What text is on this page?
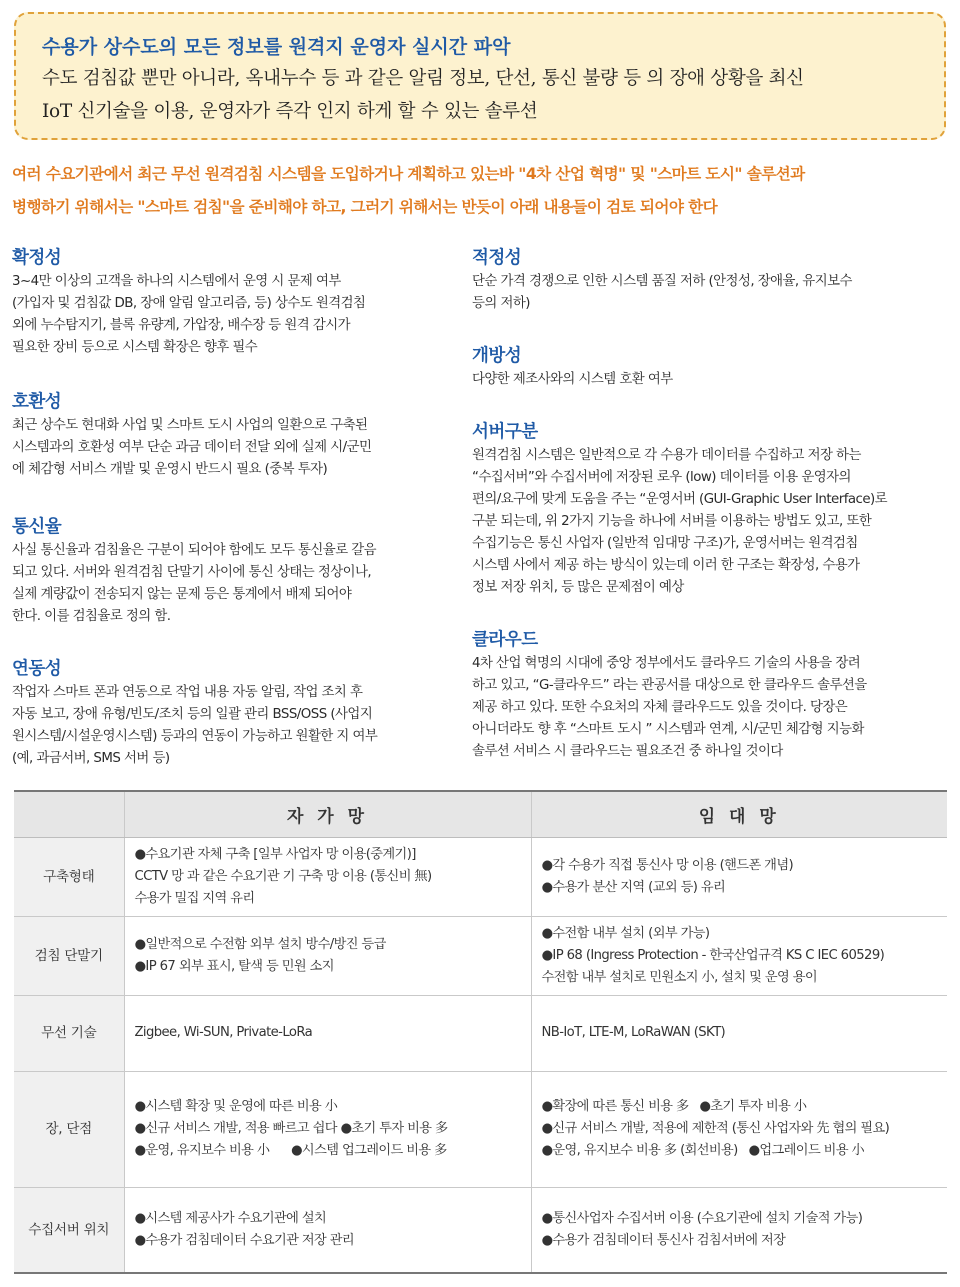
수용가 상수도의 모든 정보를 원격지 운영자 실시간 파악
수도 검침값 뿐만 아니라, 옥내누수 등 과 같은 알림 정보, 단선, 통신 불량 등 의 장애 상황을 최신
IoT 신기술을 이용, 운영자가 즉각 인지 하게 할 수 있는 솔루션
여러 수요기관에서 최근 무선 원격검침 시스템을 도입하거나 계획하고 있는바 "4차 산업 혁명" 및 "스마트 도시" 솔루션과
병행하기 위해서는 "스마트 검침"을 준비해야 하고, 그러기 위해서는 반듯이 아래 내용들이 검토 되어야 한다
확정성

3~4만 이상의 고객을 하나의 시스템에서 운영 시 문제 여부
(가입자 및 검침값 DB, 장애 알림 알고리즘, 등) 상수도 원격검침
외에 누수탐지기, 블록 유량계, 가압장, 배수장 등 원격 감시가
필요한 장비 등으로 시스템 확장은 향후 필수

호환성

최근 상수도 현대화 사업 및 스마트 도시 사업의 일환으로 구축된
시스템과의 호환성 여부 단순 과금 데이터 전달 외에 실제 시/군민
에 체감형 서비스 개발 및 운영시 반드시 필요 (중복 투자)

통신율

사실 통신율과 검침율은 구분이 되어야 함에도 모두 통신율로 갈음
되고 있다. 서버와 원격검침 단말기 사이에 통신 상태는 정상이나,
실제 계량값이 전송되지 않는 문제 등은 통계에서 배제 되어야
한다. 이를 검침율로 정의 함.

연동성

작업자 스마트 폰과 연동으로 작업 내용 자동 알림, 작업 조치 후
자동 보고, 장애 유형/빈도/조치 등의 일괄 관리 BSS/OSS (사업지
원시스템/시설운영시스템) 등과의 연동이 가능하고 원활한 지 여부
(예, 과금서버, SMS 서버 등)

적정성

단순 가격 경쟁으로 인한 시스템 품질 저하 (안정성, 장애율, 유지보수
등의 저하)

개방성

다양한 제조사와의 시스템 호환 여부

서버구분

원격검침 시스템은 일반적으로 각 수용가 데이터를 수집하고 저장 하는
“수집서버”와 수집서버에 저장된 로우 (low) 데이터를 이용 운영자의
편의/요구에 맞게 도움을 주는 “운영서버 (GUI-Graphic User Interface)로
구분 되는데, 위 2가지 기능을 하나에 서버를 이용하는 방법도 있고, 또한
수집기능은 통신 사업자 (일반적 임대망 구조)가, 운영서버는 원격검침
시스템 사에서 제공 하는 방식이 있는데 이러 한 구조는 확장성, 수용가
정보 저장 위치, 등 많은 문제점이 예상

클라우드

4차 산업 혁명의 시대에 중앙 정부에서도 클라우드 기술의 사용을 장려
하고 있고, “G-클라우드” 라는 관공서를 대상으로 한 클라우드 솔루션을
제공 하고 있다. 또한 수요처의 자체 클라우드도 있을 것이다. 당장은
아니더라도 향 후 “스마트 도시 ” 시스템과 연계, 시/군민 체감형 지능화
솔루션 서비스 시 클라우드는 필요조건 중 하나일 것이다

	자 가 망	임 대 망
구축형태	●수요기관 자체 구축 [일부 사업자 망 이용(중계기)]
CCTV 망 과 같은 수요기관 기 구축 망 이용 (통신비 無)
수용가 밀집 지역 유리	●각 수용가 직접 통신사 망 이용 (핸드폰 개념)
●수용가 분산 지역 (교외 등) 유리

검침 단말기	●일반적으로 수전함 외부 설치 방수/방진 등급
●IP 67 외부 표시, 탈색 등 민원 소지	●수전함 내부 설치 (외부 가능)
●IP 68 (Ingress Protection - 한국산업규격 KS C IEC 60529)
수전함 내부 설치로 민원소지 小, 설치 및 운영 용이

무선 기술	Zigbee, Wi-SUN, Private-LoRa	NB-IoT, LTE-M, LoRaWAN (SKT)

장, 단점	●시스템 확장 및 운영에 따른 비용 小
●신규 서비스 개발, 적용 빠르고 쉽다 ●초기 투자 비용 多
●운영, 유지보수 비용 小      ●시스템 업그레이드 비용 多	●확장에 따른 통신 비용 多   ●초기 투자 비용 小
●신규 서비스 개발, 적용에 제한적 (통신 사업자와 先 협의 필요)
●운영, 유지보수 비용 多 (회선비용)   ●업그레이드 비용 小

수집서버 위치	●시스템 제공사가 수요기관에 설치
●수용가 검침데이터 수요기관 저장 관리	●통신사업자 수집서버 이용 (수요기관에 설치 기술적 가능)
●수용가 검침데이터 통신사 검침서버에 저장
